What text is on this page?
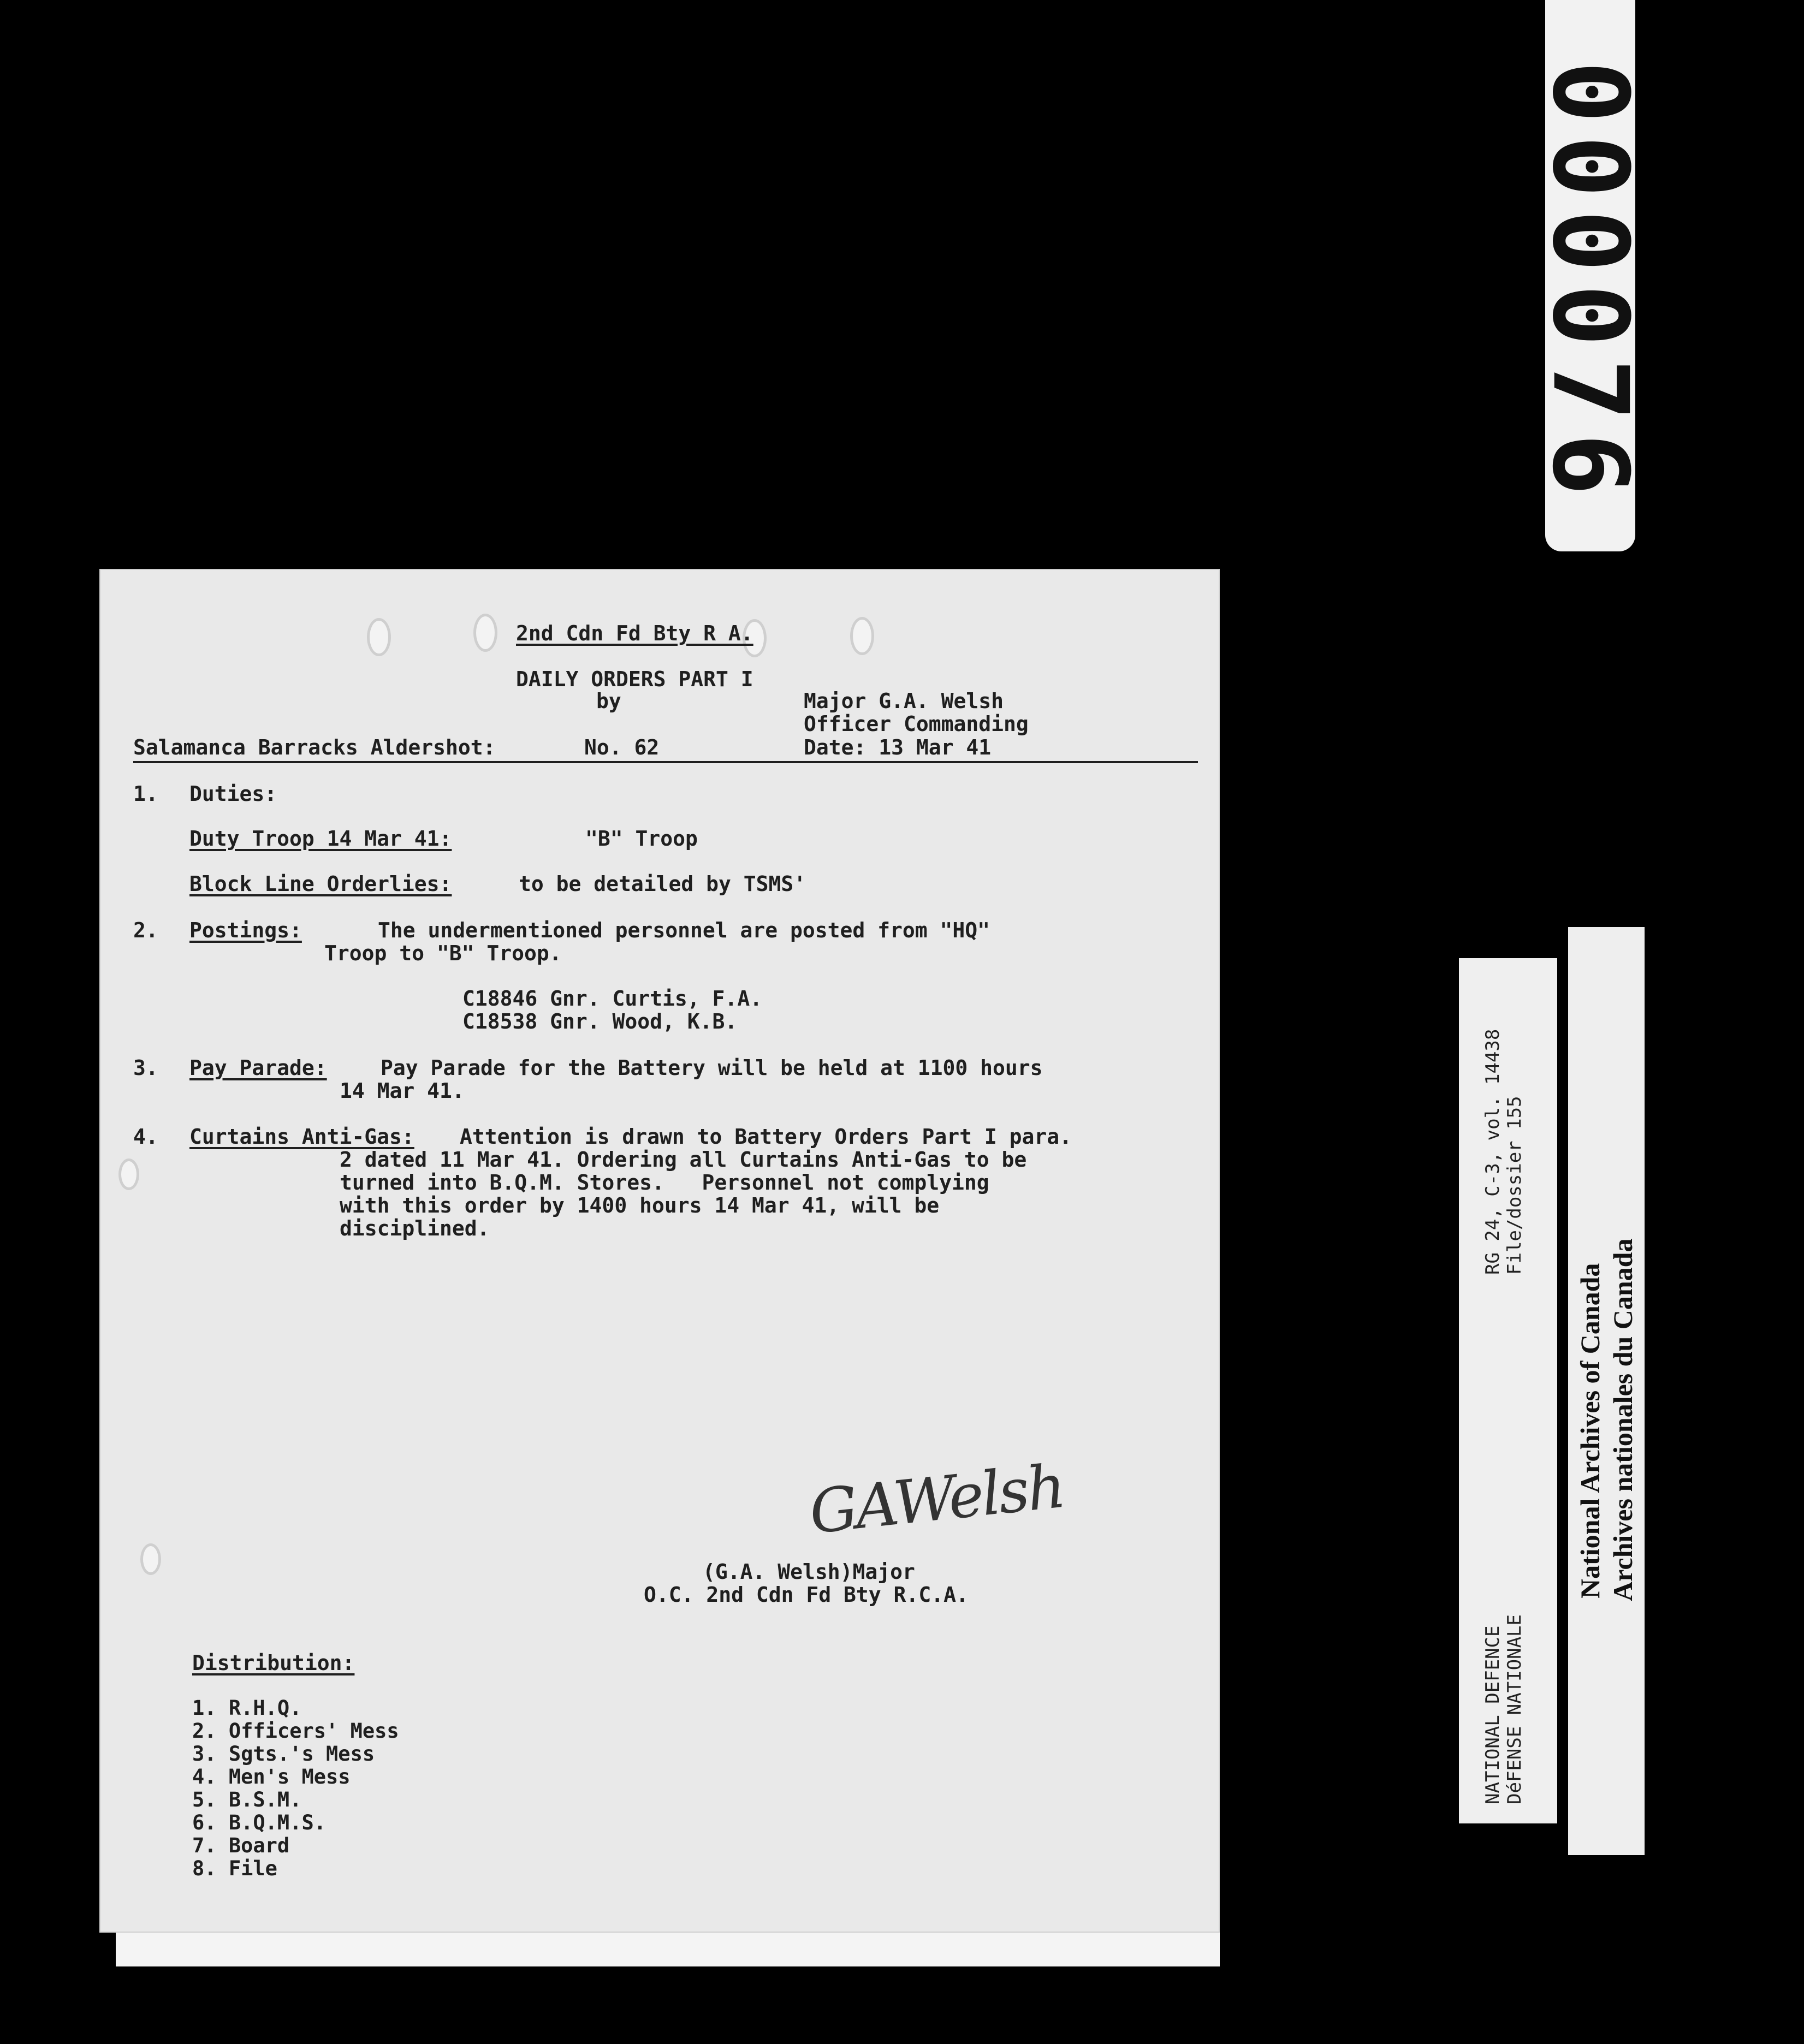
000076
2nd Cdn Fd Bty R A.
DAILY ORDERS PART I
by	Major G.A. Welsh
Officer Commanding
Salamanca Barracks Aldershot:	No. 62	Date: 13 Mar 41
1. Duties:
Duty Troop 14 Mar 41:	"B" Troop
Block Line Orderlies:	to be detailed by TSMS'
2. Postings:	The undermentioned personnel are posted from "HQ"
Troop to "B" Troop.
C18846 Gnr. Curtis, F.A.
C18538 Gnr. Wood, K.B.
3. Pay Parade:	Pay Parade for the Battery will be held at 1100 hours
14 Mar 41.
4. Curtains Anti-Gas: Attention is drawn to Battery Orders Part I para.
2 dated 11 Mar 41. Ordering all Curtains Anti-Gas to be
turned into B.Q.M. Stores.   Personnel not complying
with this order by 1400 hours 14 Mar 41, will be
disciplined.
GAWelsh
(G.A. Welsh)Major
O.C. 2nd Cdn Fd Bty R.C.A.
Distribution:
1. R.H.Q.
2. Officers' Mess
3. Sgts.'s Mess
4. Men's Mess
5. B.S.M.
6. B.Q.M.S.
7. Board
8. File
NATIONAL DEFENCE DéFENSE NATIONALE
RG 24, C-3, vol. 14438 File/dossier 155
National Archives of Canada Archives nationales du Canada
